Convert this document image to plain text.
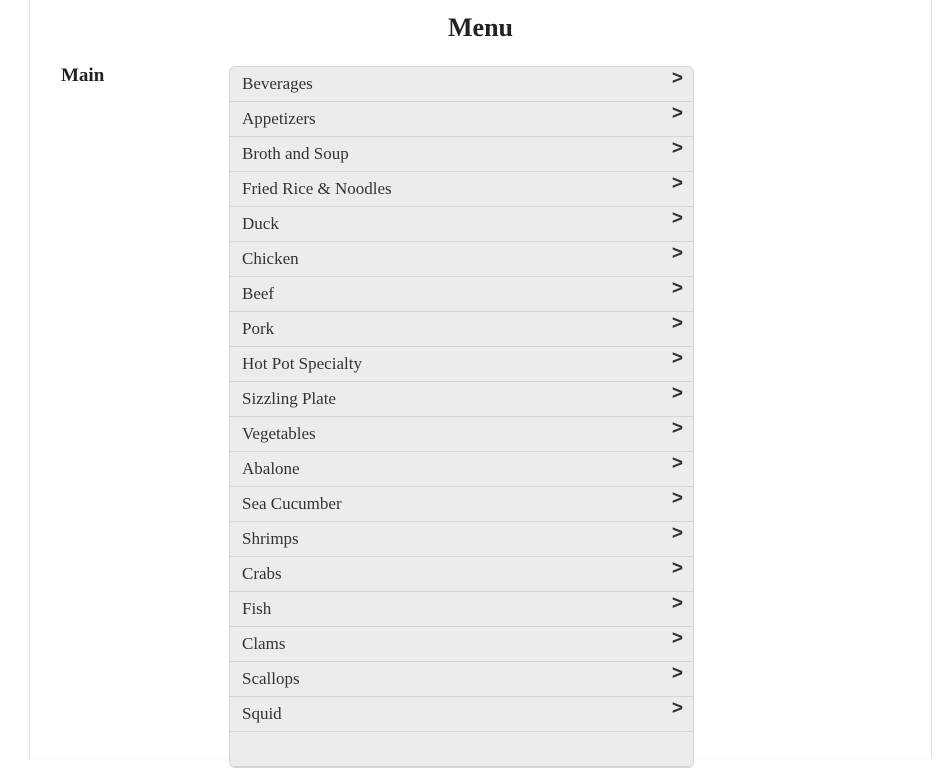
Menu
Main	Beverages	>
Appetizers	>
Broth and Soup	>
Fried Rice & Noodles	>
Duck	>
Chicken	>
Beef	>
Pork	>
Hot Pot Specialty	>
Sizzling Plate	>
Vegetables	>
Abalone	>
Sea Cucumber	>
Shrimps	>
Crabs	>
Fish	>
Clams	>
Scallops	>
Squid	>
